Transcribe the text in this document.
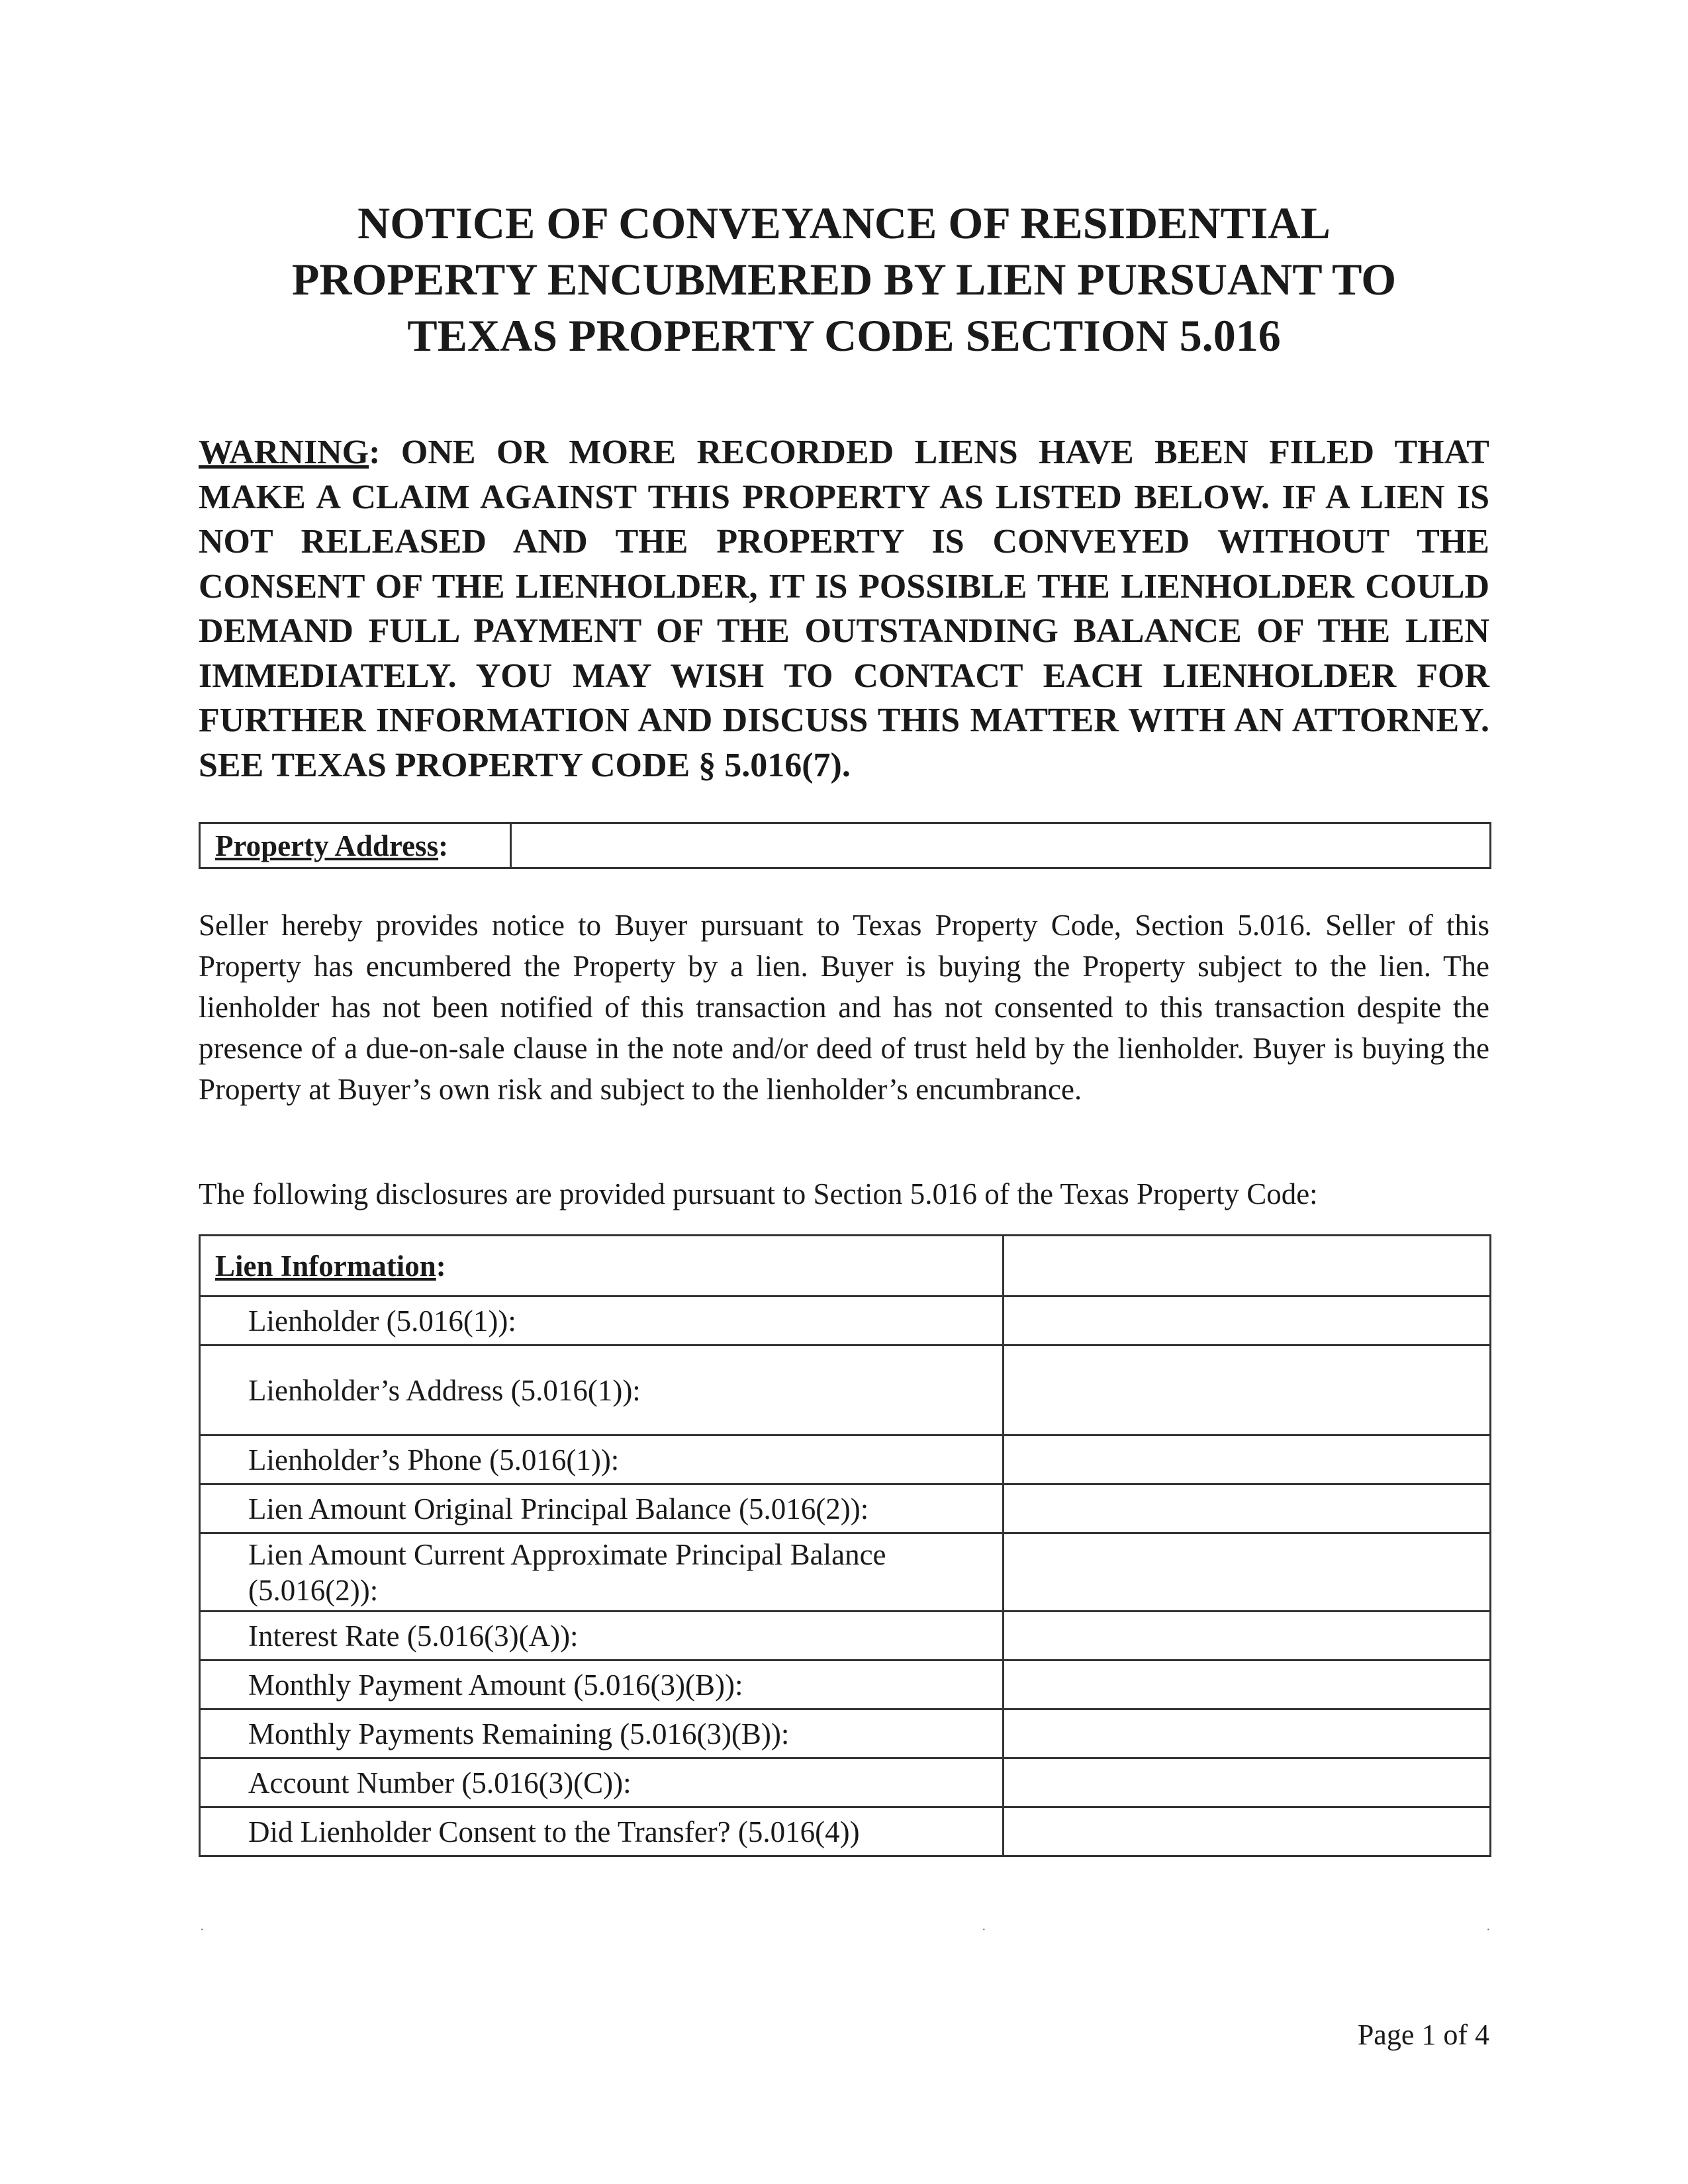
NOTICE OF CONVEYANCE OF RESIDENTIAL
PROPERTY ENCUBMERED BY LIEN PURSUANT TO
TEXAS PROPERTY CODE SECTION 5.016

WARNING: ONE OR MORE RECORDED LIENS HAVE BEEN FILED THAT MAKE A CLAIM AGAINST THIS PROPERTY AS LISTED BELOW. IF A LIEN IS NOT RELEASED AND THE PROPERTY IS CONVEYED WITHOUT THE CONSENT OF THE LIENHOLDER, IT IS POSSIBLE THE LIENHOLDER COULD DEMAND FULL PAYMENT OF THE OUTSTANDING BALANCE OF THE LIEN IMMEDIATELY. YOU MAY WISH TO CONTACT EACH LIENHOLDER FOR FURTHER INFORMATION AND DISCUSS THIS MATTER WITH AN ATTORNEY. SEE TEXAS PROPERTY CODE § 5.016(7).

Property Address:	

Seller hereby provides notice to Buyer pursuant to Texas Property Code, Section 5.016. Seller of this Property has encumbered the Property by a lien. Buyer is buying the Property subject to the lien. The lienholder has not been notified of this transaction and has not consented to this transaction despite the presence of a due-on-sale clause in the note and/or deed of trust held by the lienholder. Buyer is buying the Property at Buyer’s own risk and subject to the lienholder’s encumbrance.

The following disclosures are provided pursuant to Section 5.016 of the Texas Property Code:

Lien Information:	
Lienholder (5.016(1)):	
Lienholder’s Address (5.016(1)):	
Lienholder’s Phone (5.016(1)):	
Lien Amount Original Principal Balance (5.016(2)):	
Lien Amount Current Approximate Principal Balance (5.016(2)):	
Interest Rate (5.016(3)(A)):	
Monthly Payment Amount (5.016(3)(B)):	
Monthly Payments Remaining (5.016(3)(B)):	
Account Number (5.016(3)(C)):	
Did Lienholder Consent to the Transfer? (5.016(4))	
·	·	·
Page 1 of 4
